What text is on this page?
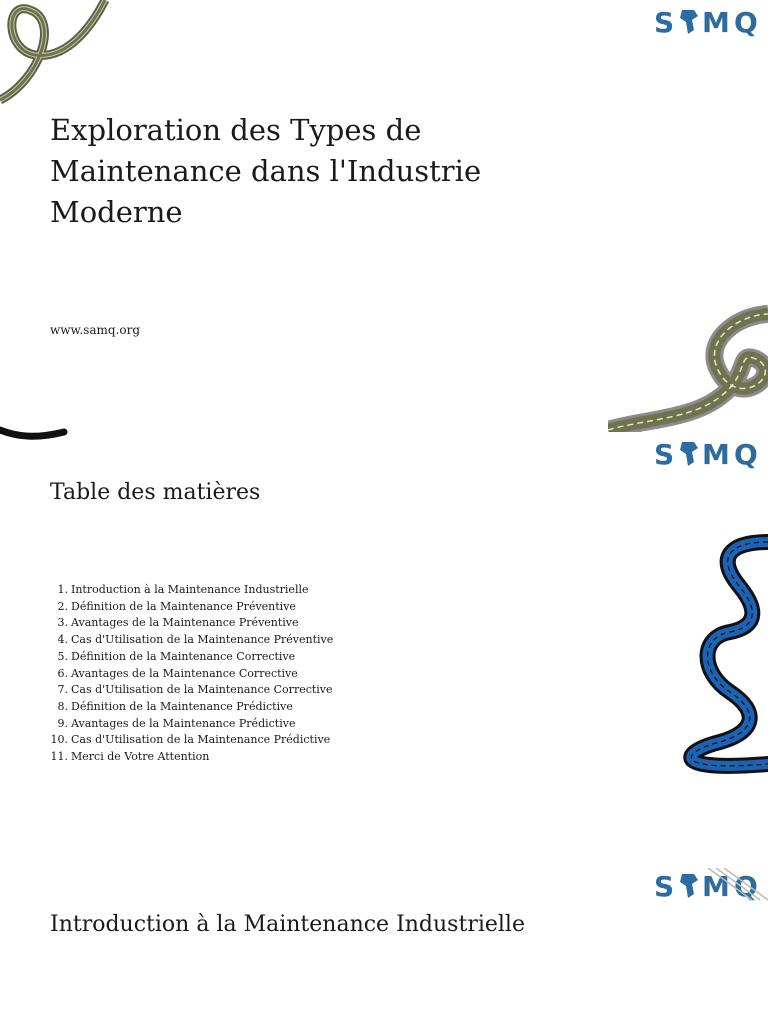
S M Q
Exploration des Types de Maintenance dans l'Industrie Moderne
www.samq.org
S M Q
Table des matières
1. Introduction à la Maintenance Industrielle
2. Définition de la Maintenance Préventive
3. Avantages de la Maintenance Préventive
4. Cas d'Utilisation de la Maintenance Préventive
5. Définition de la Maintenance Corrective
6. Avantages de la Maintenance Corrective
7. Cas d'Utilisation de la Maintenance Corrective
8. Définition de la Maintenance Prédictive
9. Avantages de la Maintenance Prédictive
10. Cas d'Utilisation de la Maintenance Prédictive
11. Merci de Votre Attention
S M Q
Introduction à la Maintenance Industrielle
